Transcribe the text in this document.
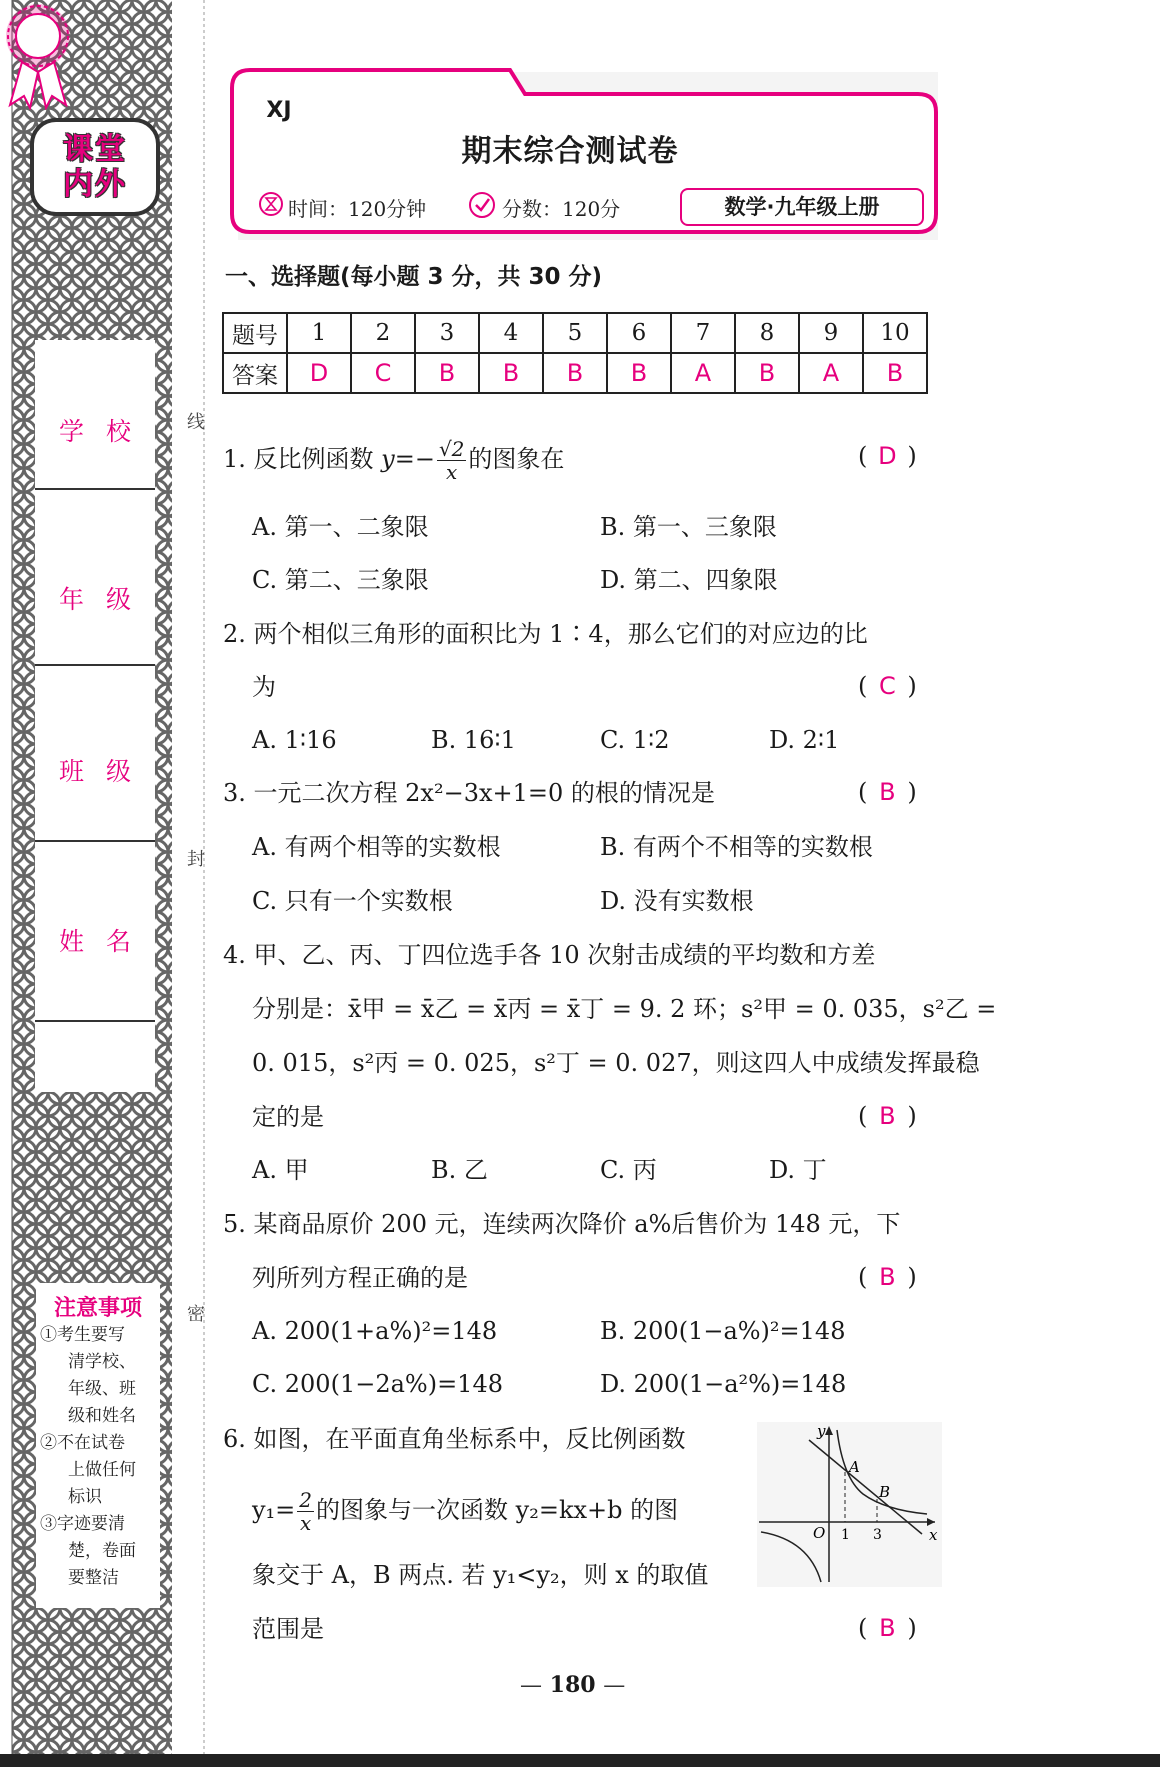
课堂
内外
学校
年级
班级
姓名
注意事项
①考生要写
清学校、
年级、班
级和姓名
②不在试卷
上做任何
标识
③字迹要清
楚，卷面
要整洁
线
封
密
XJ
期末综合测试卷
时间：120分钟	分数：120分	数学·九年级上册
一、选择题(每小题 3 分，共 30 分)
题号	1	2	3	4	5	6	7	8	9	10
答案	D	C	B	B	B	B	A	B	A	B
1. 反比例函数 $y=- \frac{√2}{x}$ 的图象在	( D )
A. 第一、二象限	B. 第一、三象限
C. 第二、三象限	D. 第二、四象限
2. 两个相似三角形的面积比为 1∶4，那么它们的对应边的比
为	( C )
A. 1∶16	B. 16∶1	C. 1∶2	D. 2∶1
3. 一元二次方程 2x²−3x+1=0 的根的情况是	( B )
A. 有两个相等的实数根	B. 有两个不相等的实数根
C. 只有一个实数根	D. 没有实数根
4. 甲、乙、丙、丁四位选手各 10 次射击成绩的平均数和方差
分别是：x̄甲 = x̄乙 = x̄丙 = x̄丁 = 9. 2 环；s²甲 = 0. 035，s²乙 =
0. 015，s²丙 = 0. 025，s²丁 = 0. 027，则这四人中成绩发挥最稳
定的是	( B )
A. 甲	B. 乙	C. 丙	D. 丁
5. 某商品原价 200 元，连续两次降价 a%后售价为 148 元，下
列所列方程正确的是	( B )
A. 200(1+a%)²=148	B. 200(1−a%)²=148
C. 200(1−2a%)=148	D. 200(1−a²%)=148
6. 如图，在平面直角坐标系中，反比例函数
$y_1= \frac{2}{x}$ 的图象与一次函数 y₂=kx+b 的图
象交于 A，B 两点. 若 y₁<y₂，则 x 的取值
范围是	( B )
y
x
O
A
B
1 3
— 180 —
